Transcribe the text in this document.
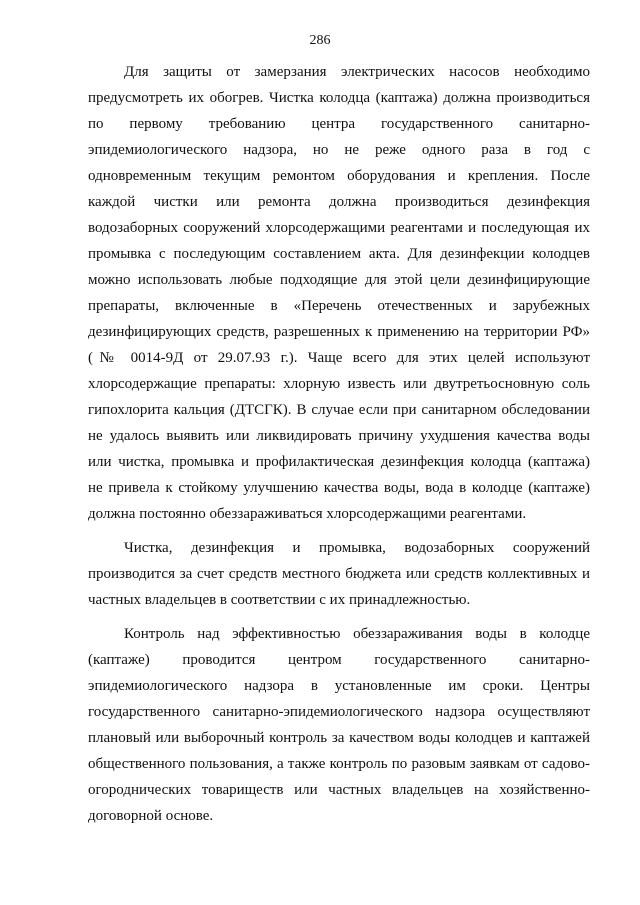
286
Для защиты от замерзания электрических насосов необходимо
предусмотреть их обогрев. Чистка колодца (каптажа) должна производиться
по первому требованию центра государственного санитарно-
эпидемиологического надзора, но не реже одного раза в год с
одновременным текущим ремонтом оборудования и крепления. После
каждой чистки или ремонта должна производиться дезинфекция
водозаборных сооружений хлорсодержащими реагентами и последующая их
промывка с последующим составлением акта. Для дезинфекции колодцев
можно использовать любые подходящие для этой цели дезинфицирующие
препараты, включенные в «Перечень отечественных и зарубежных
дезинфицирующих средств, разрешенных к применению на территории РФ»
(№ 0014-9Д от 29.07.93 г.). Чаще всего для этих целей используют
хлорсодержащие препараты: хлорную известь или двутретьосновную соль
гипохлорита кальция (ДТСГК). В случае если при санитарном обследовании
не удалось выявить или ликвидировать причину ухудшения качества воды
или чистка, промывка и профилактическая дезинфекция колодца (каптажа)
не привела к стойкому улучшению качества воды, вода в колодце (каптаже)
должна постоянно обеззараживаться хлорсодержащими реагентами.
Чистка, дезинфекция и промывка, водозаборных сооружений
производится за счет средств местного бюджета или средств коллективных и
частных владельцев в соответствии с их принадлежностью.
Контроль над эффективностью обеззараживания воды в колодце
(каптаже) проводится центром государственного санитарно-
эпидемиологического надзора в установленные им сроки. Центры
государственного санитарно-эпидемиологического надзора осуществляют
плановый или выборочный контроль за качеством воды колодцев и каптажей
общественного пользования, а также контроль по разовым заявкам от садово-
огороднических товариществ или частных владельцев на хозяйственно-
договорной основе.
